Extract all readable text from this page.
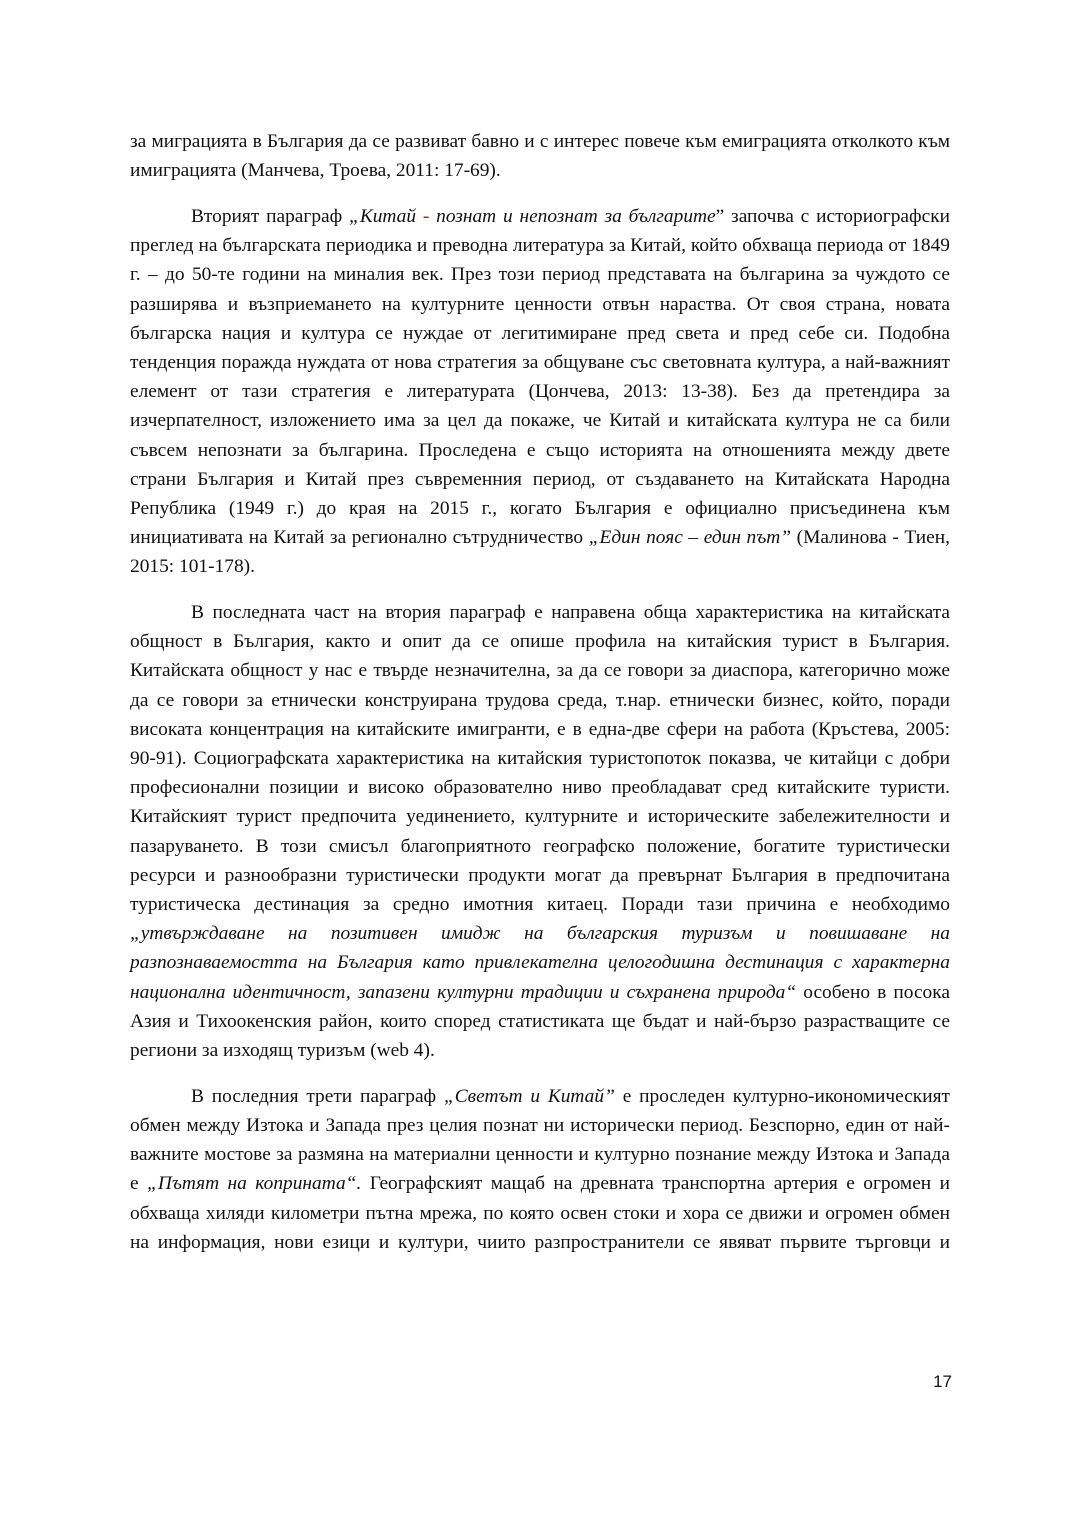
за миграцията в България да се развиват бавно и с интерес повече към емиграцията отколкото към имиграцията (Манчева, Троева, 2011: 17-69).

Вторият параграф „Китай - познат и непознат за българите” започва с историографски преглед на българската периодика и преводна литература за Китай, който обхваща периода от 1849 г. – до 50-те години на миналия век. През този период представата на българина за чуждото се разширява и възприемането на културните ценности отвън нараства. От своя страна, новата българска нация и култура се нуждае от легитимиране пред света и пред себе си. Подобна тенденция поражда нуждата от нова стратегия за общуване със световната култура, а най-важният елемент от тази стратегия е литературата (Цончева, 2013: 13-38). Без да претендира за изчерпателност, изложението има за цел да покаже, че Китай и китайската култура не са били съвсем непознати за българина. Проследена е също историята на отношенията между двете страни България и Китай през съвременния период, от създаването на Китайската Народна Република (1949 г.) до края на 2015 г., когато България е официално присъединена към инициативата на Китай за регионално сътрудничество „Един пояс – един път” (Малинова - Тиен, 2015: 101-178).

В последната част на втория параграф е направена обща характеристика на китайската общност в България, както и опит да се опише профила на китайския турист в България. Китайската общност у нас е твърде незначителна, за да се говори за диаспора, категорично може да се говори за етнически конструирана трудова среда, т.нар. етнически бизнес, който, поради високата концентрация на китайските имигранти, е в една-две сфери на работа (Кръстева, 2005: 90-91). Социографската характеристика на китайския туристопоток показва, че китайци с добри професионални позиции и високо образователно ниво преобладават сред китайските туристи. Китайският турист предпочита уединението, културните и историческите забележителности и пазаруването. В този смисъл благоприятното географско положение, богатите туристически ресурси и разнообразни туристически продукти могат да превърнат България в предпочитана туристическа дестинация за средно имотния китаец. Поради тази причина е необходимо „утвърждаване на позитивен имидж на българския туризъм и повишаване на разпознаваемостта на България като привлекателна целогодишна дестинация с характерна национална идентичност, запазени културни традиции и съхранена природа“ особено в посока Азия и Тихоокенския район, които според статистиката ще бъдат и най-бързо разрастващите се региони за изходящ туризъм (web 4).

В последния трети параграф „Светът и Китай” е проследен културно-икономическият обмен между Изтока и Запада през целия познат ни исторически период. Безспорно, един от най-важните мостове за размяна на материални ценности и културно познание между Изтока и Запада е „Пътят на коприната“. Географският мащаб на древната транспортна артерия е огромен и обхваща хиляди километри пътна мрежа, по която освен стоки и хора се движи и огромен обмен на информация, нови езици и култури, чиито разпространители се явяват първите търговци и

17
